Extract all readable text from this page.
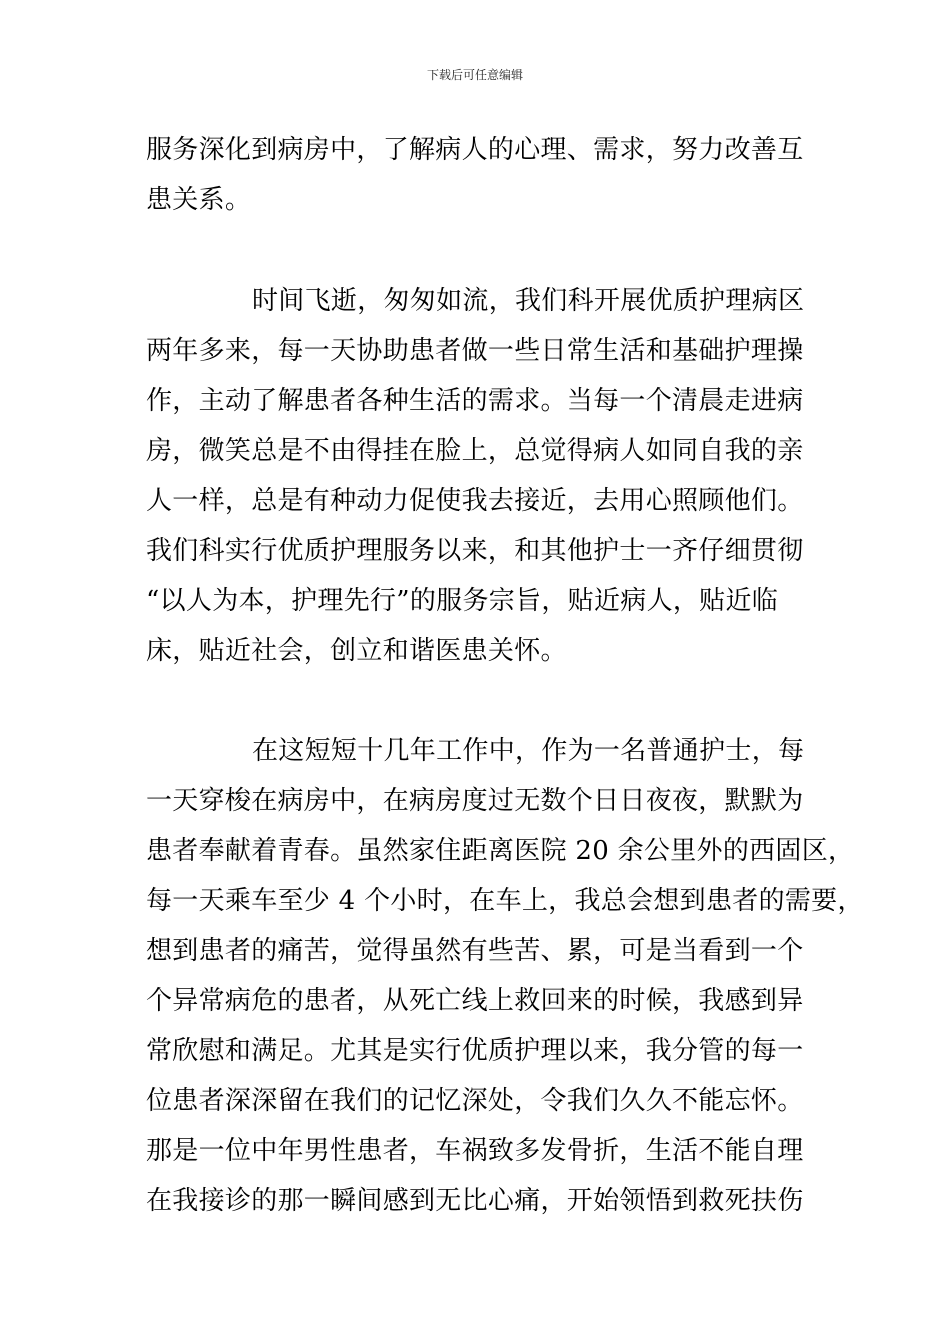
下载后可任意编辑
服务深化到病房中，了解病人的心理、需求，努力改善互
患关系。
时间飞逝，匆匆如流，我们科开展优质护理病区
两年多来，每一天协助患者做一些日常生活和基础护理操
作，主动了解患者各种生活的需求。当每一个清晨走进病
房，微笑总是不由得挂在脸上，总觉得病人如同自我的亲
人一样，总是有种动力促使我去接近，去用心照顾他们。
我们科实行优质护理服务以来，和其他护士一齐仔细贯彻
“以人为本，护理先行”的服务宗旨，贴近病人，贴近临
床，贴近社会，创立和谐医患关怀。
在这短短十几年工作中，作为一名普通护士，每
一天穿梭在病房中，在病房度过无数个日日夜夜，默默为
患者奉献着青春。虽然家住距离医院 20 余公里外的西固区，
每一天乘车至少 4 个小时，在车上，我总会想到患者的需要，
想到患者的痛苦，觉得虽然有些苦、累，可是当看到一个
个异常病危的患者，从死亡线上救回来的时候，我感到异
常欣慰和满足。尤其是实行优质护理以来，我分管的每一
位患者深深留在我们的记忆深处，令我们久久不能忘怀。
那是一位中年男性患者，车祸致多发骨折，生活不能自理
在我接诊的那一瞬间感到无比心痛，开始领悟到救死扶伤
